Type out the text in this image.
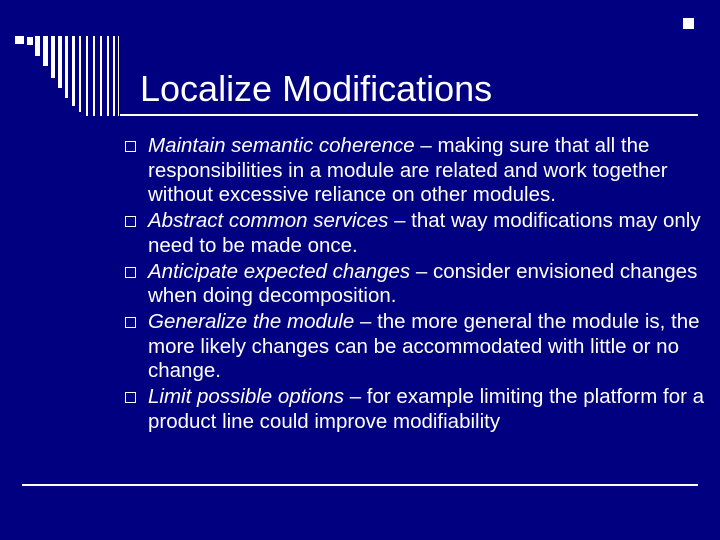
Localize Modifications
Maintain semantic coherence – making sure that all the responsibilities in a module are related and work together without excessive reliance on other modules.
Abstract common services – that way modifications may only need to be made once.
Anticipate expected changes – consider envisioned changes when doing decomposition.
Generalize the module – the more general the module is, the more likely changes can be accommodated with little or no change.
Limit possible options – for example limiting the platform for a product line could improve modifiability
